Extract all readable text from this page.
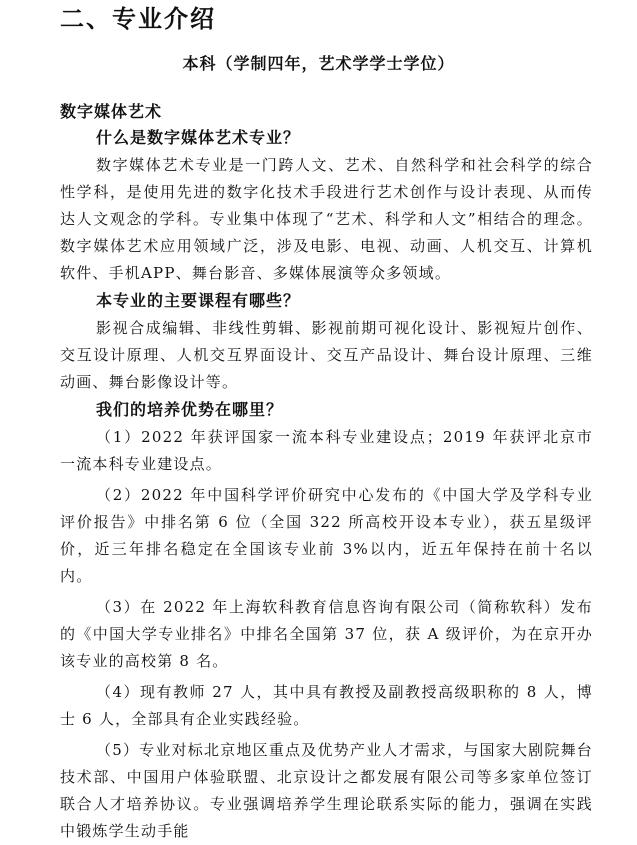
二、专业介绍
本科（学制四年，艺术学学士学位）
数字媒体艺术

什么是数字媒体艺术专业？

数字媒体艺术专业是一门跨人文、艺术、自然科学和社会科学的综合性学科，是使用先进的数字化技术手段进行艺术创作与设计表现、从而传达人文观念的学科。专业集中体现了“艺术、科学和人文”相结合的理念。数字媒体艺术应用领域广泛，涉及电影、电视、动画、人机交互、计算机软件、手机APP、舞台影音、多媒体展演等众多领域。

本专业的主要课程有哪些？

影视合成编辑、非线性剪辑、影视前期可视化设计、影视短片创作、交互设计原理、人机交互界面设计、交互产品设计、舞台设计原理、三维动画、舞台影像设计等。

我们的培养优势在哪里？

（1）2022 年获评国家一流本科专业建设点；2019 年获评北京市一流本科专业建设点。

（2）2022 年中国科学评价研究中心发布的《中国大学及学科专业评价报告》中排名第 6 位（全国 322 所高校开设本专业），获五星级评价，近三年排名稳定在全国该专业前 3%以内，近五年保持在前十名以内。

（3）在 2022 年上海软科教育信息咨询有限公司（简称软科）发布的《中国大学专业排名》中排名全国第 37 位，获 A 级评价，为在京开办该专业的高校第 8 名。

（4）现有教师 27 人，其中具有教授及副教授高级职称的 8 人，博士 6 人，全部具有企业实践经验。

（5）专业对标北京地区重点及优势产业人才需求，与国家大剧院舞台技术部、中国用户体验联盟、北京设计之都发展有限公司等多家单位签订联合人才培养协议。专业强调培养学生理论联系实际的能力，强调在实践中锻炼学生动手能
